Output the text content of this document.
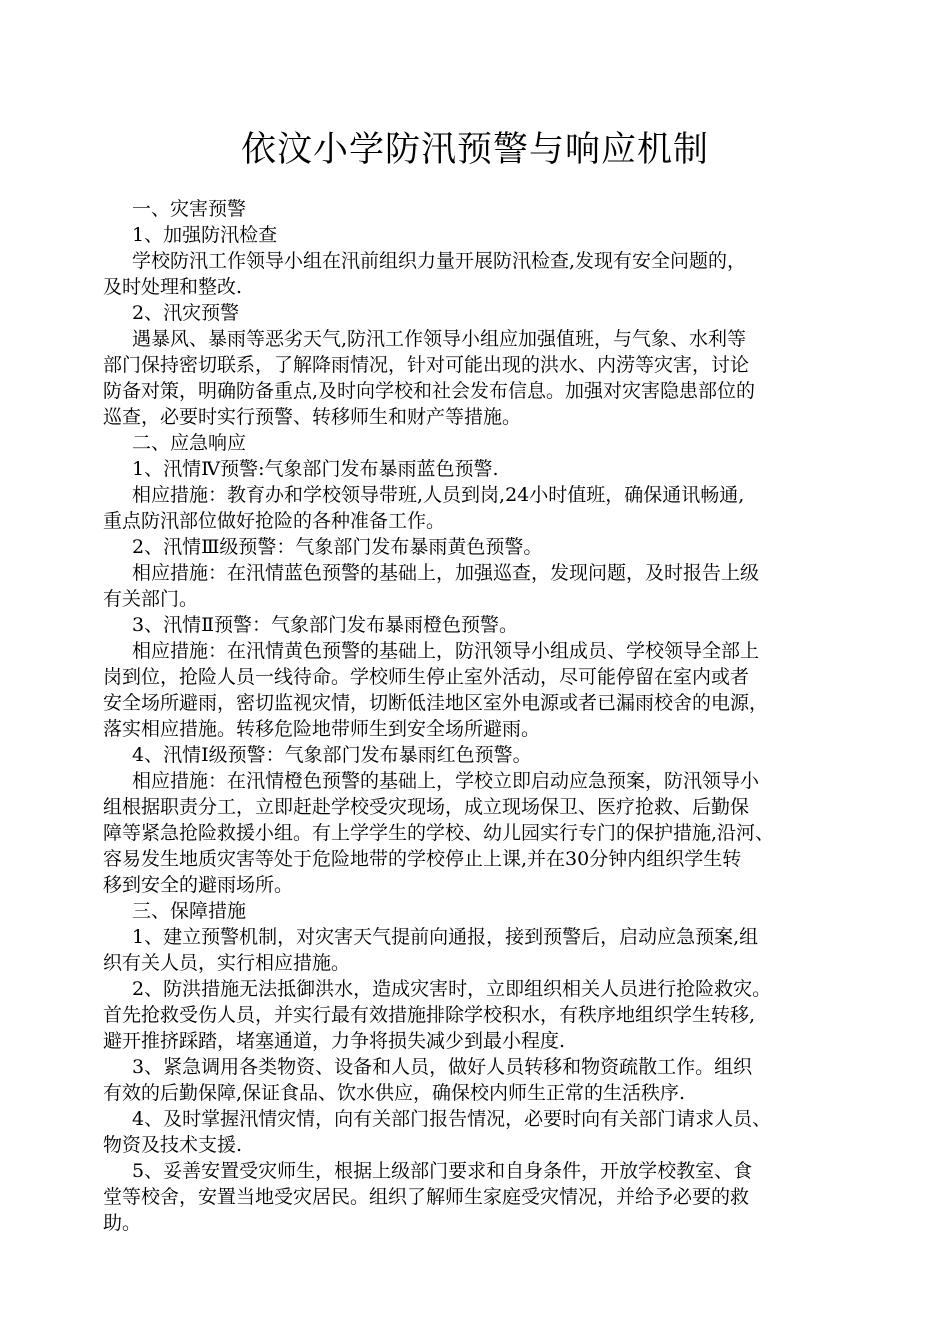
依汶小学防汛预警与响应机制
一、灾害预警
1、加强防汛检查
学校防汛工作领导小组在汛前组织力量开展防汛检查,发现有安全问题的，
及时处理和整改.
2、汛灾预警
遇暴风、暴雨等恶劣天气,防汛工作领导小组应加强值班，与气象、水利等
部门保持密切联系，了解降雨情况，针对可能出现的洪水、内涝等灾害，讨论
防备对策，明确防备重点,及时向学校和社会发布信息。加强对灾害隐患部位的
巡查，必要时实行预警、转移师生和财产等措施。
二、应急响应
1、汛情Ⅳ预警:气象部门发布暴雨蓝色预警.
相应措施：教育办和学校领导带班,人员到岗,24小时值班，确保通讯畅通,
重点防汛部位做好抢险的各种准备工作。
2、汛情Ⅲ级预警：气象部门发布暴雨黄色预警。
相应措施：在汛情蓝色预警的基础上，加强巡查，发现问题，及时报告上级
有关部门。
3、汛情Ⅱ预警：气象部门发布暴雨橙色预警。
相应措施：在汛情黄色预警的基础上，防汛领导小组成员、学校领导全部上
岗到位，抢险人员一线待命。学校师生停止室外活动，尽可能停留在室内或者
安全场所避雨，密切监视灾情，切断低洼地区室外电源或者已漏雨校舍的电源，
落实相应措施。转移危险地带师生到安全场所避雨。
4、汛情Ⅰ级预警：气象部门发布暴雨红色预警。
相应措施：在汛情橙色预警的基础上，学校立即启动应急预案，防汛领导小
组根据职责分工，立即赶赴学校受灾现场，成立现场保卫、医疗抢救、后勤保
障等紧急抢险救援小组。有上学学生的学校、幼儿园实行专门的保护措施,沿河、
容易发生地质灾害等处于危险地带的学校停止上课,并在30分钟内组织学生转
移到安全的避雨场所。
三、保障措施
1、建立预警机制，对灾害天气提前向通报，接到预警后，启动应急预案,组
织有关人员，实行相应措施。
2、防洪措施无法抵御洪水，造成灾害时，立即组织相关人员进行抢险救灾。
首先抢救受伤人员，并实行最有效措施排除学校积水，有秩序地组织学生转移,
避开推挤踩踏，堵塞通道，力争将损失减少到最小程度.
3、紧急调用各类物资、设备和人员，做好人员转移和物资疏散工作。组织
有效的后勤保障,保证食品、饮水供应，确保校内师生正常的生活秩序.
4、及时掌握汛情灾情，向有关部门报告情况，必要时向有关部门请求人员、
物资及技术支援.
5、妥善安置受灾师生，根据上级部门要求和自身条件，开放学校教室、食
堂等校舍，安置当地受灾居民。组织了解师生家庭受灾情况，并给予必要的救
助。
